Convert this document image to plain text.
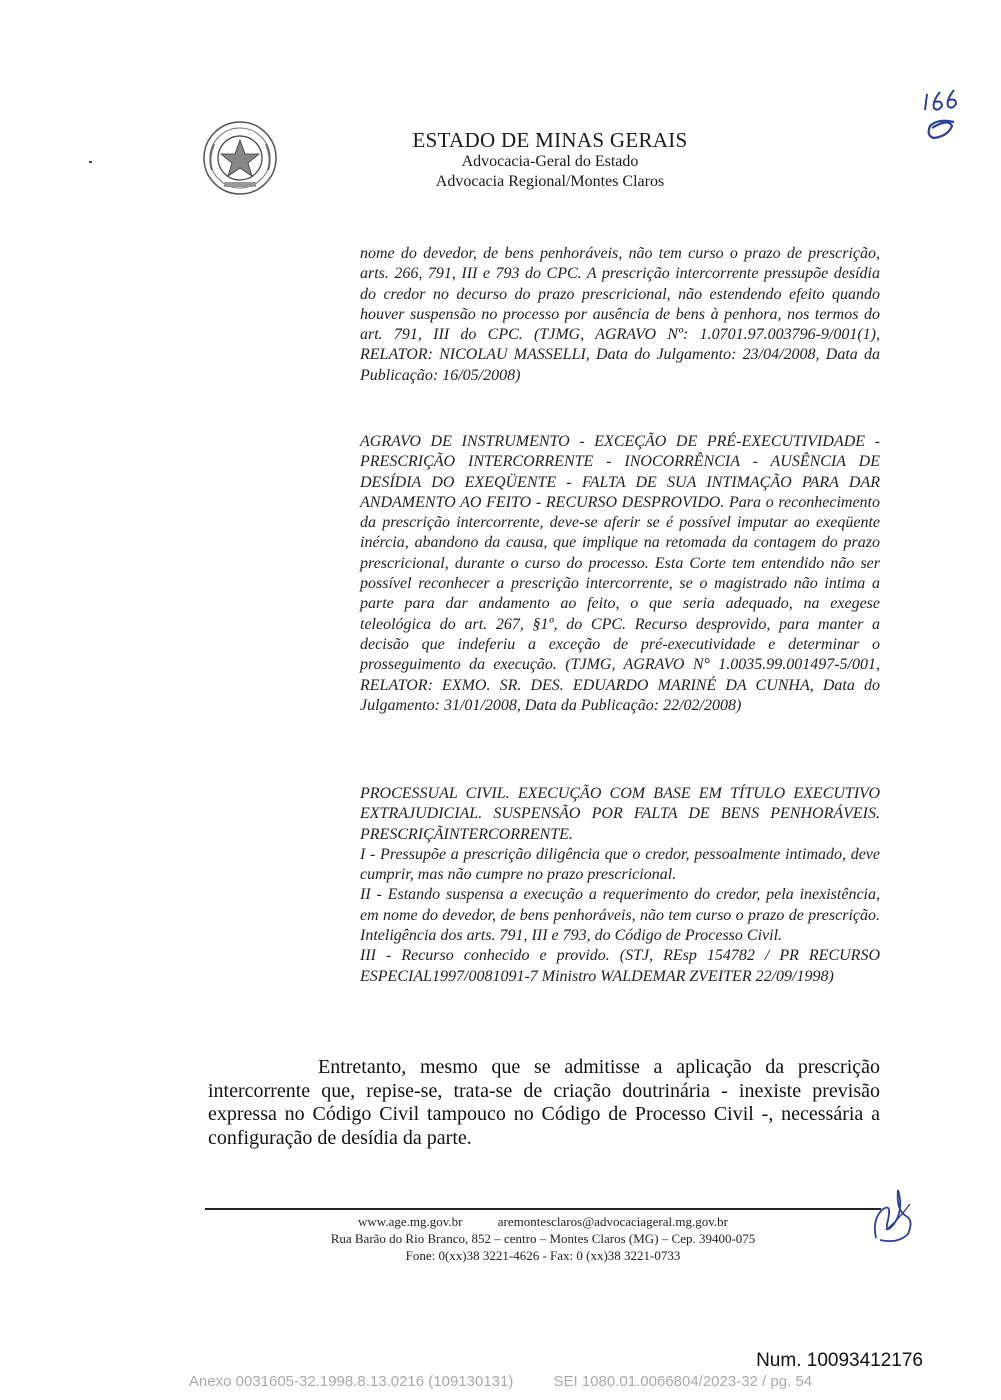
ESTADO DE MINAS GERAIS
Advocacia-Geral do Estado
Advocacia Regional/Montes Claros

nome do devedor, de bens penhoráveis, não tem curso o prazo de prescrição, arts. 266, 791, III e 793 do CPC. A prescrição intercorrente pressupõe desídia do credor no decurso do prazo prescricional, não estendendo efeito quando houver suspensão no processo por ausência de bens à penhora, nos termos do art. 791, III do CPC. (TJMG, AGRAVO Nº: 1.0701.97.003796-9/001(1), RELATOR: NICOLAU MASSELLI, Data do Julgamento: 23/04/2008, Data da Publicação: 16/05/2008)

AGRAVO DE INSTRUMENTO - EXCEÇÃO DE PRÉ-EXECUTIVIDADE - PRESCRIÇÃO INTERCORRENTE - INOCORRÊNCIA - AUSÊNCIA DE DESÍDIA DO EXEQÜENTE - FALTA DE SUA INTIMAÇÃO PARA DAR ANDAMENTO AO FEITO - RECURSO DESPROVIDO. Para o reconhecimento da prescrição intercorrente, deve-se aferir se é possível imputar ao exeqüente inércia, abandono da causa, que implique na retomada da contagem do prazo prescricional, durante o curso do processo. Esta Corte tem entendido não ser possível reconhecer a prescrição intercorrente, se o magistrado não intima a parte para dar andamento ao feito, o que seria adequado, na exegese teleológica do art. 267, §1º, do CPC. Recurso desprovido, para manter a decisão que indeferiu a exceção de pré-executividade e determinar o prosseguimento da execução. (TJMG, AGRAVO N° 1.0035.99.001497-5/001, RELATOR: EXMO. SR. DES. EDUARDO MARINÉ DA CUNHA, Data do Julgamento: 31/01/2008, Data da Publicação: 22/02/2008)

PROCESSUAL CIVIL. EXECUÇÃO COM BASE EM TÍTULO EXECUTIVO EXTRAJUDICIAL. SUSPENSÃO POR FALTA DE BENS PENHORÁVEIS. PRESCRIÇÃINTERCORRENTE.

I - Pressupõe a prescrição diligência que o credor, pessoalmente intimado, deve cumprir, mas não cumpre no prazo prescricional.

II - Estando suspensa a execução a requerimento do credor, pela inexistência, em nome do devedor, de bens penhoráveis, não tem curso o prazo de prescrição. Inteligência dos arts. 791, III e 793, do Código de Processo Civil.

III - Recurso conhecido e provido. (STJ, REsp 154782 / PR RECURSO ESPECIAL1997/0081091-7 Ministro WALDEMAR ZVEITER 22/09/1998)

Entretanto, mesmo que se admitisse a aplicação da prescrição intercorrente que, repise-se, trata-se de criação doutrinária - inexiste previsão expressa no Código Civil tampouco no Código de Processo Civil -, necessária a configuração de desídia da parte.
www.age.mg.gov.br	aremontesclaros@advocaciageral.mg.gov.br
Rua Barão do Rio Branco, 852 – centro – Montes Claros (MG) – Cep. 39400-075
Fone: 0(xx)38 3221-4626 - Fax: 0 (xx)38 3221-0733
Num. 10093412176
Anexo 0031605-32.1998.8.13.0216 (109130131)	SEI 1080.01.0066804/2023-32 / pg. 54
